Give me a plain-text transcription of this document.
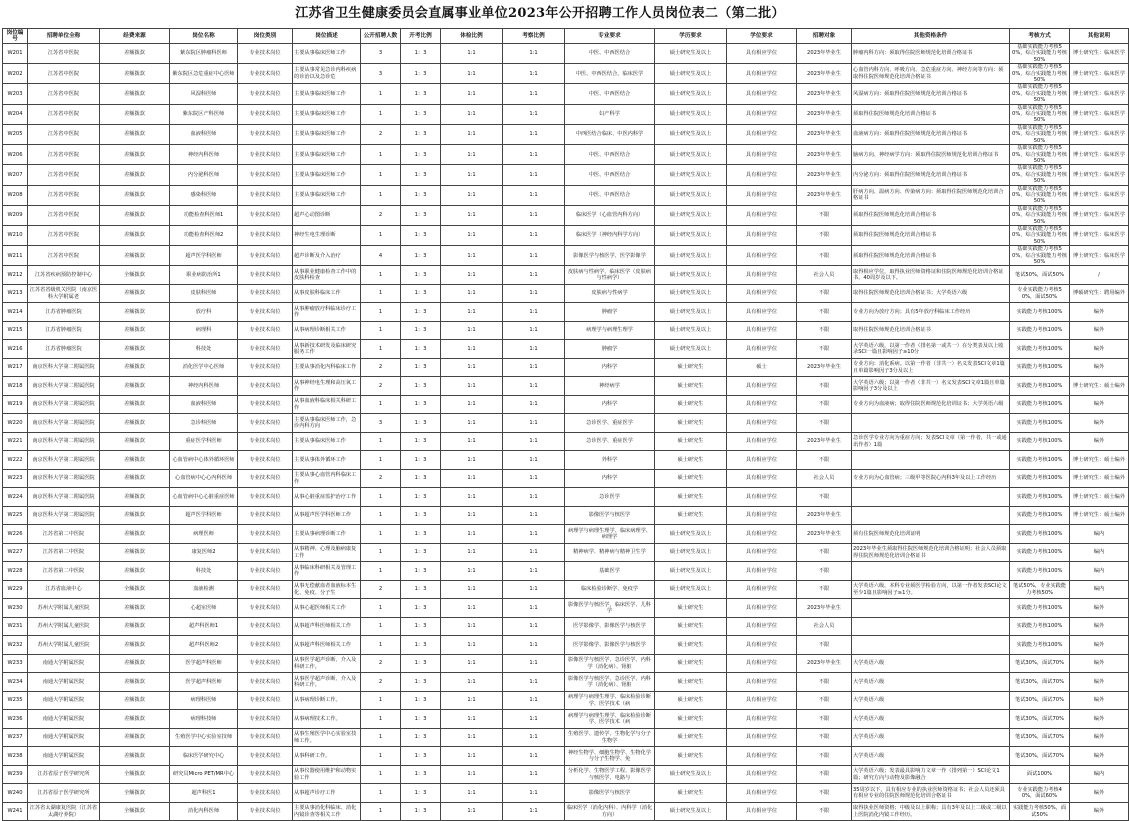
江苏省卫生健康委员会直属事业单位2023年公开招聘工作人员岗位表二（第二批）
岗位编号	招聘单位全称	经费来源	岗位名称	岗位类别	岗位描述	公开招聘人数	开考比例	体检比例	考察比例	专业要求	学历要求	学位要求	招聘对象	其他资格条件	考核方式	其他说明
W201	江苏省中医院	差额拨款	紫东院区肿瘤科医师	专业技术岗位	主要从事临床医师工作	3	1：3	1:1	1:1	中医、中西医结合	硕士研究生及以上	具有相应学位	2023年毕业生	肿瘤内科方向：须取得住院医师规范化培训合格证书	基础实践能力考核50%，综合实践能力考核50%	博士研究生：临床医学
W202	江苏省中医院	差额拨款	紫东院区急危重症中心医师	专业技术岗位	主要从事常见急诊内科疾病的诊治以及急诊危	3	1：3	1:1	1:1	中医、中西医结合，临床医学	硕士研究生及以上	具有相应学位	2023年毕业生	心血管内科方向、呼吸方向、急危重症方向、神经方向等方向：须取得住院医师规范化培训合格证书	基础实践能力考核50%，综合实践能力考核50%	博士研究生：临床医学
W203	江苏省中医院	差额拨款	风湿科医师	专业技术岗位	主要从事临床医师工作	1	1：3	1:1	1:1	中医、中西医结合	硕士研究生及以上	具有相应学位	2023年毕业生	风湿病方向：须取得住院医师规范化培训合格证书	基础实践能力考核50%，综合实践能力考核50%	博士研究生：临床医学
W204	江苏省中医院	差额拨款	紫东院区产科医师	专业技术岗位	主要从事临床医师工作	1	1：3	1:1	1:1	妇产科学	硕士研究生及以上	具有相应学位	2023年毕业生	须取得住院医师规范化培训合格证书	基础实践能力考核50%，综合实践能力考核50%	博士研究生：临床医学
W205	江苏省中医院	差额拨款	血液科医师	专业技术岗位	主要从事临床医师工作	2	1：3	1:1	1:1	中西医结合临床、中医内科学	硕士研究生及以上	具有相应学位	2023年毕业生	血液病方向：须取得住院医师规范化培训合格证书	基础实践能力考核50%，综合实践能力考核50%	博士研究生：临床医学
W206	江苏省中医院	差额拨款	神经内科医师	专业技术岗位	主要从事临床医师工作	1	1：3	1:1	1:1	中医、中西医结合	硕士研究生及以上	具有相应学位	2023年毕业生	脑病方向、神经病学方向：须取得住院医师规范化培训合格证书	基础实践能力考核50%，综合实践能力考核50%	博士研究生：临床医学
W207	江苏省中医院	差额拨款	内分泌科医师	专业技术岗位	主要从事临床医师工作	1	1：3	1:1	1:1	中医、中西医结合	硕士研究生及以上	具有相应学位	2023年毕业生	内分泌方向：须取得住院医师规范化培训合格证书	基础实践能力考核50%，综合实践能力考核50%	博士研究生：临床医学
W208	江苏省中医院	差额拨款	感染科医师	专业技术岗位	主要从事临床医师工作	1	1：3	1:1	1:1	中医、中西医结合	硕士研究生及以上	具有相应学位	2023年毕业生	肝病方向、温病方向、传染病方向：须取得住院医师规范化培训合格证书	基础实践能力考核50%，综合实践能力考核50%	博士研究生：临床医学
W209	江苏省中医院	差额拨款	功能检查科医师1	专业技术岗位	超声心动图诊断	2	1：3	1:1	1:1	临床医学（心血管内科方向）	硕士研究生及以上	具有相应学位	不限	须取得住院医师规范化培训合格证书	基础实践能力考核50%，综合实践能力考核50%	博士研究生：临床医学
W210	江苏省中医院	差额拨款	功能检查科医师2	专业技术岗位	神经生电生理诊断	1	1：3	1:1	1:1	临床医学（神经内科学方向）	硕士研究生及以上	具有相应学位	不限	须取得住院医师规范化培训合格证书	基础实践能力考核50%，综合实践能力考核50%	博士研究生：临床医学
W211	江苏省中医院	差额拨款	超声医学科医师	专业技术岗位	超声诊断及介入治疗	4	1：3	1:1	1:1	影像医学与核医学、医学影像学	硕士研究生及以上	具有相应学位	不限	须取得住院医师规范化培训合格证书	基础实践能力考核50%，综合实践能力考核50%	博士研究生：临床医学
W212	江苏省疾病预防控制中心	全额拨款	职业病防治所1	专业技术岗位	从事职业健康检查工作中的皮肤科检查	1	1：3	1:1	1:1	皮肤病与性病学、临床医学（皮肤病与性病学）	硕士研究生及以上	具有相应学位	社会人员	取得相应学位，取得执业医师资格证和住院医师规范化培训合格证书，40周岁及以下。	笔试50%，面试50%	/
W213	江苏省省级机关医院（南京医科大学附属老	差额拨款	皮肤科医师	专业技术岗位	从事皮肤科临床工作	1	1：3	1:1	1:1	皮肤病与性病学	硕士研究生及以上	具有相应学位	不限	取得住院医师规范化培训合格证书；大学英语六级	专业实践能力考核50%，面试50%	博硕研究生：聘用编外
W214	江苏省肿瘤医院	差额拨款	放疗科	专业技术岗位	从事肿瘤放疗科临床诊疗工作	1	1：3	1:1	1:1	肿瘤学	硕士研究生及以上	具有相应学位	不限	专业方向为放疗方向；具有5年放疗科临床工作经历	实践能力考核100%	编外
W215	江苏省肿瘤医院	差额拨款	病理科	专业技术岗位	从事病理诊断相关工作	1	1：3	1:1	1:1	病理学与病理生理学	硕士研究生及以上	具有相应学位	不限	取得住院医师规范化培训合格证书	实践能力考核100%	编外
W216	江苏省肿瘤医院	差额拨款	科技处	专业技术岗位	从事新技术研发及临床研究服务工作	1	1：3	1:1	1:1	肿瘤学	硕士研究生及以上	具有相应学位	不限	大学英语六级，以第一作者（排名第一或共一）在分类表及以上收录SCI一篇且影响因子≥10分	实践能力考核100%	编外
W217	南京医科大学第二附属医院	差额拨款	消化医学中心医师	专业技术岗位	主要从事消化内科临床工作	2	1：3	1:1	1:1	内科学	硕士研究生	硕士	2023年毕业生	专业方向：消化系病。以第一作者（非共一）名义发表SCI文章1篇且单篇影响因子3分及以上	实践能力考核100%	编外
W218	南京医科大学第二附属医院	差额拨款	神经内科医师	专业技术岗位	从事神经电生理和高压氧工作	2	1：3	1:1	1:1	神经病学	硕士研究生	具有相应学位	不限	大学英语六级；以第一作者（非共一）名义发表SCI文章1篇且单篇影响因子3分及以上	实践能力考核100%	博士研究生：硕士编外
W219	南京医科大学第二附属医院	差额拨款	血液科医师	专业技术岗位	从事血液科临床相关科研工作	1	1：3	1:1	1:1	内科学	硕士研究生	具有相应学位	不限	专业方向为血液病；取得住院医师规范化培训证书；大学英语六级	实践能力考核100%	编外
W220	南京医科大学第二附属医院	差额拨款	急诊科医师	专业技术岗位	主要从事临床医师工作，急诊内科方向	3	1：3	1:1	1:1	急诊医学、重症医学	硕士研究生	具有相应学位	不限		实践能力考核100%	编外
W221	南京医科大学第二附属医院	差额拨款	重症医学科医师	专业技术岗位	主要从事临床医师工作	1	1：3	1:1	1:1	急诊医学、重症医学	硕士研究生	具有相应学位	2023年毕业生	急诊医学专业方向为重症方向；发表SCI文章（第一作者，共一或通讯作者）1篇	实践能力考核100%	编外
W222	南京医科大学第二附属医院	差额拨款	心血管病中心体外循环医师	专业技术岗位	主要从事体外循环工作	1	1：3	1:1	1:1	外科学	硕士研究生	具有相应学位	不限		实践能力考核100%	博士研究生：硕士编外
W223	南京医科大学第二附属医院	差额拨款	心血管病中心心内科医师	专业技术岗位	主要从事心血管内科临床工作	2	1：3	1:1	1:1	内科学	硕士研究生	具有相应学位	社会人员	专业方向为心血管病；三级甲等医院心内科3年及以上工作经历	实践能力考核100%	博士研究生：硕士编外
W224	南京医科大学第二附属医院	差额拨款	心血管病中心心脏重症医师	专业技术岗位	从事心脏重症监护治疗工作	1	1：3	1:1	1:1	急诊医学	硕士研究生	具有相应学位	不限		实践能力考核100%	博士研究生：硕士编外
W225	南京医科大学第二附属医院	差额拨款	超声医学科医师	专业技术岗位	从事超声医学科医师工作	1	1：3	1:1	1:1	影像医学与核医学	硕士研究生	具有相应学位	2023年毕业生		实践能力考核100%	博士研究生：硕士编外
W226	江苏省第二中医院	差额拨款	病理医师	专业技术岗位	主要从事病理诊断工作	1	1：3	1:1	1:1	病理学与病理生理学、临床病理学、病理学	硕士研究生及以上	具有相应学位	2023年毕业生	须有住院医师规范化培训证明	实践能力考核100%	编内
W227	江苏省第二中医院	差额拨款	康复医师2	专业技术岗位	从事精神、心理及脑病康复工作	1	1：3	1:1	1:1	精神病学、精神病与精神卫生学	硕士研究生及以上	具有相应学位	不限	2023年毕业生须取得住院医师规范化培训合格证明；社会人员须取得住院医师规范化培训合格证书	实践能力考核100%	编内
W228	江苏省第二中医院	差额拨款	科技处	专业技术岗位	从事临床科研相关及管理工作	1	1：3	1:1	1:1	基础医学	硕士研究生及以上	具有相应学位	不限		实践能力考核100%	编内
W229	江苏省血液中心	全额拨款	血液检测	专业技术岗位	从事无偿献血者血液标本生化、免疫、分子生	2	1：3	1:1	1:1	临床检验诊断学、免疫学	硕士研究生及以上	具有相应学位	不限	大学英语六级，本科专业须医学检验方向，以第一作者发表SCI论文至少1篇且影响因子≥1分。	笔试50%，专业实践能力考核50%	编内
W230	苏州大学附属儿童医院	差额拨款	心超室医师	专业技术岗位	从事心超医师相关工作	1	1：3	1:1	1:1	影像医学与核医学，临床医学、儿科学	硕士研究生	具有相应学位	2023年毕业生		实践能力考核100%	编外
W231	苏州大学附属儿童医院	差额拨款	超声科医师1	专业技术岗位	从事超声科医师相关工作	1	1：3	1:1	1:1	医学影像学、影像医学与核医学	硕士研究生	具有相应学位	社会人员		实践能力考核100%	编外
W232	苏州大学附属儿童医院	差额拨款	超声科医师2	专业技术岗位	从事超声科医师相关工作	1	1：3	1:1	1:1	医学影像学、影像医学与核医学	硕士研究生	具有相应学位	不限		实践能力考核100%	编外
W233	南通大学附属医院	差额拨款	医学超声科医师	专业技术岗位	从事医学超声诊断、介入及科研工作。	2	1：3	1:1	1:1	影像医学与核医学、急诊医学、内科学（消化病）、肾脏	硕士研究生	具有相应学位	2023年毕业生	大学英语六级	笔试30%，面试70%	编外
W234	南通大学附属医院	差额拨款	医学超声科医师	专业技术岗位	从事医学超声诊断、介入及科研工作。	2	1：3	1:1	1:1	影像医学与核医学、急诊医学、内科学（消化病）、肾脏	硕士研究生	具有相应学位	不限	大学英语六级	笔试30%，面试70%	编外
W235	南通大学附属医院	差额拨款	病理科医师	专业技术岗位	从事病理诊断工作。	1	1：3	1:1	1:1	病理学与病理生理学、临床检验诊断学、医学技术（病	硕士研究生	具有相应学位	不限	大学英语六级	笔试30%，面试70%	编外
W236	南通大学附属医院	差额拨款	病理科技师	专业技术岗位	从事病理技术工作。	1	1：3	1:1	1:1	病理学与病理生理学、临床检验诊断学、医学技术（病	硕士研究生	具有相应学位	不限	大学英语六级	笔试30%，面试70%	编外
W237	南通大学附属医院	差额拨款	生殖医学中心实验室技师	专业技术岗位	从事生殖医学中心实验室技师工作。	1	1：3	1:1	1:1	生殖医学、遗传学、生物化学与分子生物学	硕士研究生	具有相应学位	不限	大学英语六级	笔试30%，面试70%	编外
W238	南通大学附属医院	差额拨款	临床医学研究中心	专业技术岗位	从事科研工作。	1	1：3	1:1	1:1	神经生物学、细胞生物学、生物化学与分子生物学、免	硕士研究生	具有相应学位	不限	大学英语六级	笔试30%，面试70%	编外
W239	江苏省原子医学研究所	全额拨款	研究员Micro PET/MR中心	专业技术岗位	从事仪器使用维护和动物实验工作	1	1：3	1:1	1:1	分析化学、生物医学工程、影像医学与核医学、电路与	硕士研究生及以上	具有相应学位	不限	大学英语六级；发表最具影响力文章一作（排列第一）SCI论文1篇；研究方向与动物及影像融合	面试100%	编内
W240	江苏省原子医学研究所	全额拨款	超声科医1	专业技术岗位	从事超声诊疗工作	1	1：3	1:1	1:1	影像医学与核医学	硕士研究生	具有相应学位	不限	35周岁以下，具有相应专业的执业医师资格证书；社会人员还须具有相应专业的住院医师规范化培训合格证书	专业实践能力考核40%，面试60%	编外
W241	江苏省太湖康复医院（江苏省太湖疗养院）	全额拨款	消化内科医师	专业技术岗位	主要从事消化科临床、消化内镜诊查等相关工作	1	1：3	1:1	1:1	临床医学（消化内科）、内科学（消化方向）	硕士研究生及以上	具有相应学位	不限	取得执业医师资格；中级及以上职称；具有3年及以上二级或二级以上医院消化内镜工作经历。	实践能力考核50%，面试50%	编外
